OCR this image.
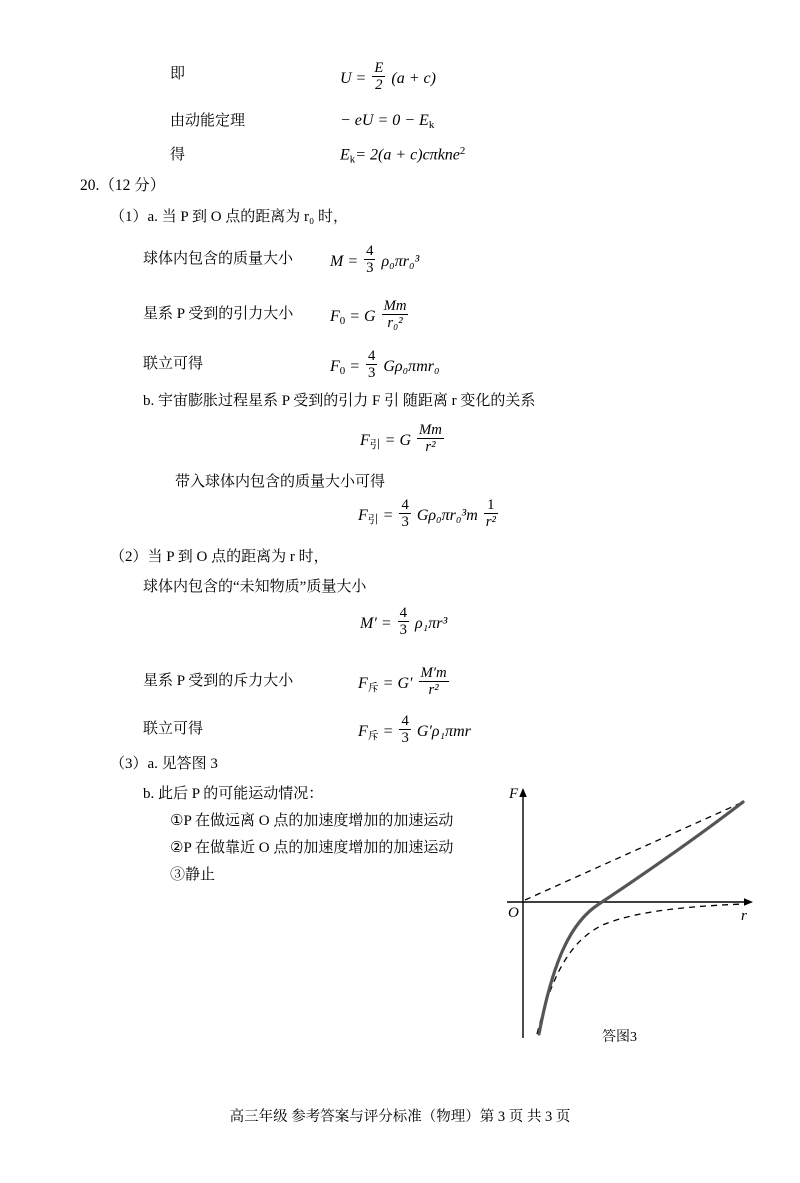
即	$U = \frac{E}{2} (a + c)$
由动能定理	− eU = $0 - E_k$
得	$E_k= 2(a + c)c\pi kne^2$
20.（12 分）
（1）a. 当 P 到 O 点的距离为 r₀ 时，
球体内包含的质量大小 $M = \frac{4}{3} \rho_0\pi r_0^3$
星系 P 受到的引力大小 $F_0 = G \frac{Mm}{\text{r₀²}}$
联立可得	$F_0 = \frac{4}{3} G\rho_0\pi mr_0$
b. 宇宙膨胀过程星系 P 受到的引力 F 引 随距离 r 变化的关系
$F_引 = G \frac{Mm}{\text{r²}}$
带入球体内包含的质量大小可得
$F_引 = \frac{4}{3} G\rho_0\pi r_0^3m \frac{1}{\text{r²}}$
（2）当 P 到 O 点的距离为 r 时，
球体内包含的“未知物质”质量大小
$M' = \frac{4}{3} \rho_1\pi r^3$
星系 P 受到的斥力大小	$F_斥 = G' \frac{M'm}{\text{r²}}$
联立可得	$F_斥 = \frac{4}{3} G'\rho_1\pi mr$
（3）a. 见答图 3
b. 此后 P 的可能运动情况：
①P 在做远离 O 点的加速度增加的加速运动
②P 在做靠近 O 点的加速度增加的加速运动
③静止
F
r
O
答图3
高三年级 参考答案与评分标准（物理）第 3 页 共 3 页
